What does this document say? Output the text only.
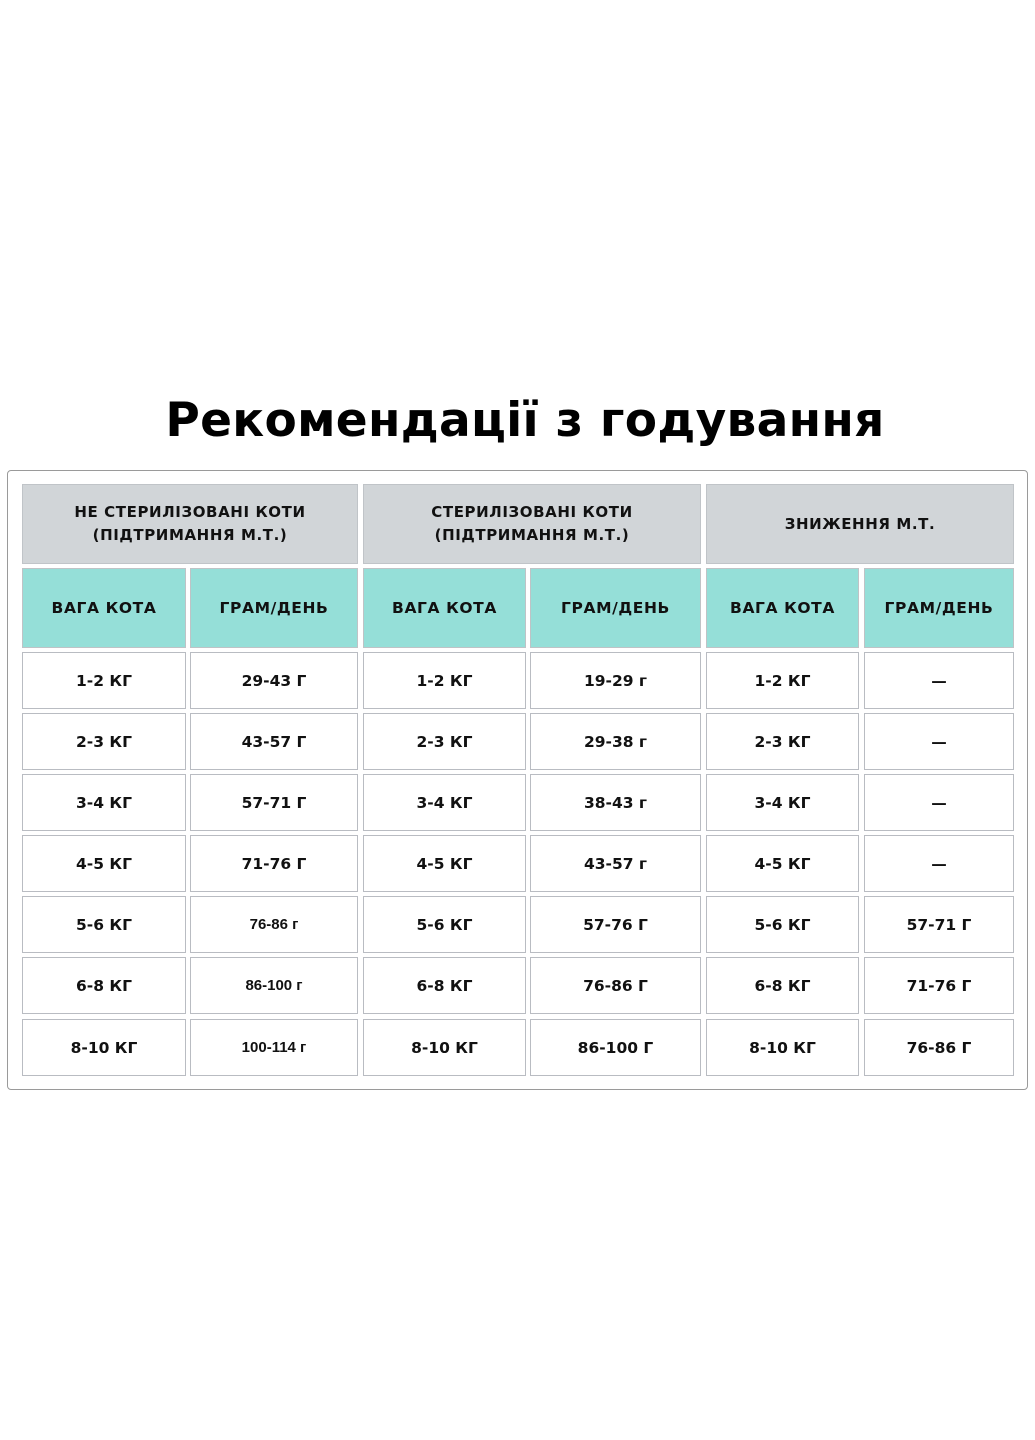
Рекомендації з годування
НЕ СТЕРИЛІЗОВАНІ КОТИ
(ПІДТРИМАННЯ М.Т.)
СТЕРИЛІЗОВАНІ КОТИ
(ПІДТРИМАННЯ М.Т.)
ЗНИЖЕННЯ М.Т.
ВАГА КОТА	ГРАМ/ДЕНЬ	ВАГА КОТА	ГРАМ/ДЕНЬ	ВАГА КОТА	ГРАМ/ДЕНЬ
1-2 КГ	29-43 Г	1-2 КГ	19-29 г	1-2 КГ	—
2-3 КГ	43-57 Г	2-3 КГ	29-38 г	2-3 КГ	—
3-4 КГ	57-71 Г	3-4 КГ	38-43 г	3-4 КГ	—
4-5 КГ	71-76 Г	4-5 КГ	43-57 г	4-5 КГ	—
5-6 КГ	76-86 г	5-6 КГ	57-76 Г	5-6 КГ	57-71 Г
6-8 КГ	86-100 г	6-8 КГ	76-86 Г	6-8 КГ	71-76 Г
8-10 КГ	100-114 г	8-10 КГ	86-100 Г	8-10 КГ	76-86 Г
